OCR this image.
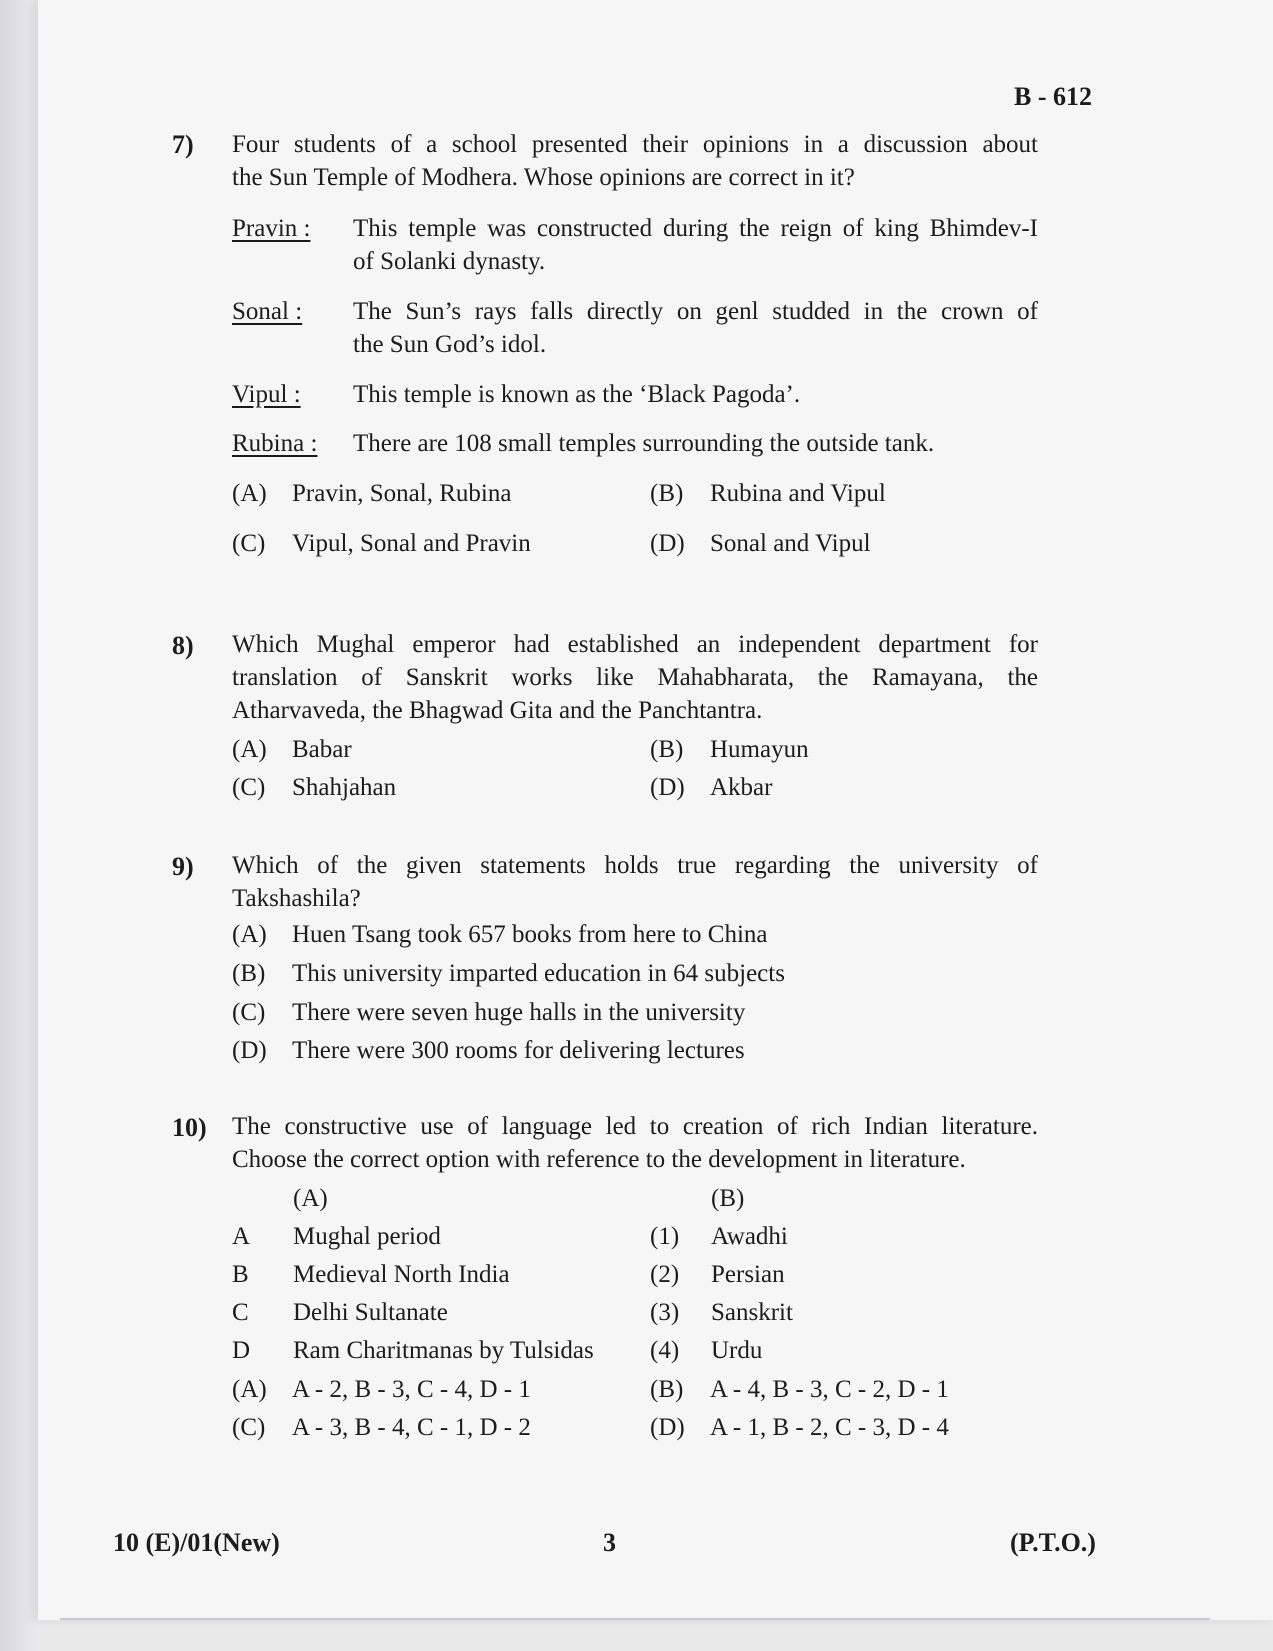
B - 612
7) Four students of a school presented their opinions in a discussion about
the Sun Temple of Modhera. Whose opinions are correct in it?
Pravin : This temple was constructed during the reign of king Bhimdev-I
of Solanki dynasty.
Sonal : The Sun’s rays falls directly on genl studded in the crown of
the Sun God’s idol.
Vipul : This temple is known as the ‘Black Pagoda’.
Rubina : There are 108 small temples surrounding the outside tank.
(A) Pravin, Sonal, Rubina	(B) Rubina and Vipul
(C) Vipul, Sonal and Pravin	(D) Sonal and Vipul
8) Which Mughal emperor had established an independent department for
translation of Sanskrit works like Mahabharata, the Ramayana, the
Atharvaveda, the Bhagwad Gita and the Panchtantra.
(A) Babar	(B) Humayun
(C) Shahjahan	(D) Akbar
9) Which of the given statements holds true regarding the university of
Takshashila?
(A) Huen Tsang took 657 books from here to China
(B) This university imparted education in 64 subjects
(C) There were seven huge halls in the university
(D) There were 300 rooms for delivering lectures
10) The constructive use of language led to creation of rich Indian literature.
Choose the correct option with reference to the development in literature.
(A)	(B)
A Mughal period	(1) Awadhi
B Medieval North India	(2) Persian
C Delhi Sultanate	(3) Sanskrit
D Ram Charitmanas by Tulsidas (4) Urdu
(A) A - 2, B - 3, C - 4, D - 1	(B) A - 4, B - 3, C - 2, D - 1
(C) A - 3, B - 4, C - 1, D - 2	(D) A - 1, B - 2, C - 3, D - 4
10 (E)/01(New)	3	(P.T.O.)
